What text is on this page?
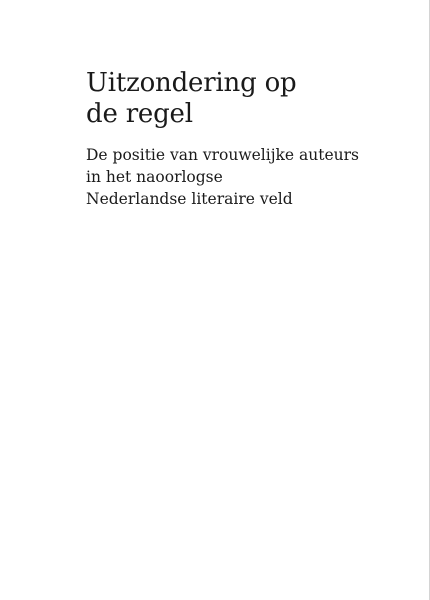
Uitzondering op
de regel

De positie van vrouwelijke auteurs
in het naoorlogse
Nederlandse literaire veld
